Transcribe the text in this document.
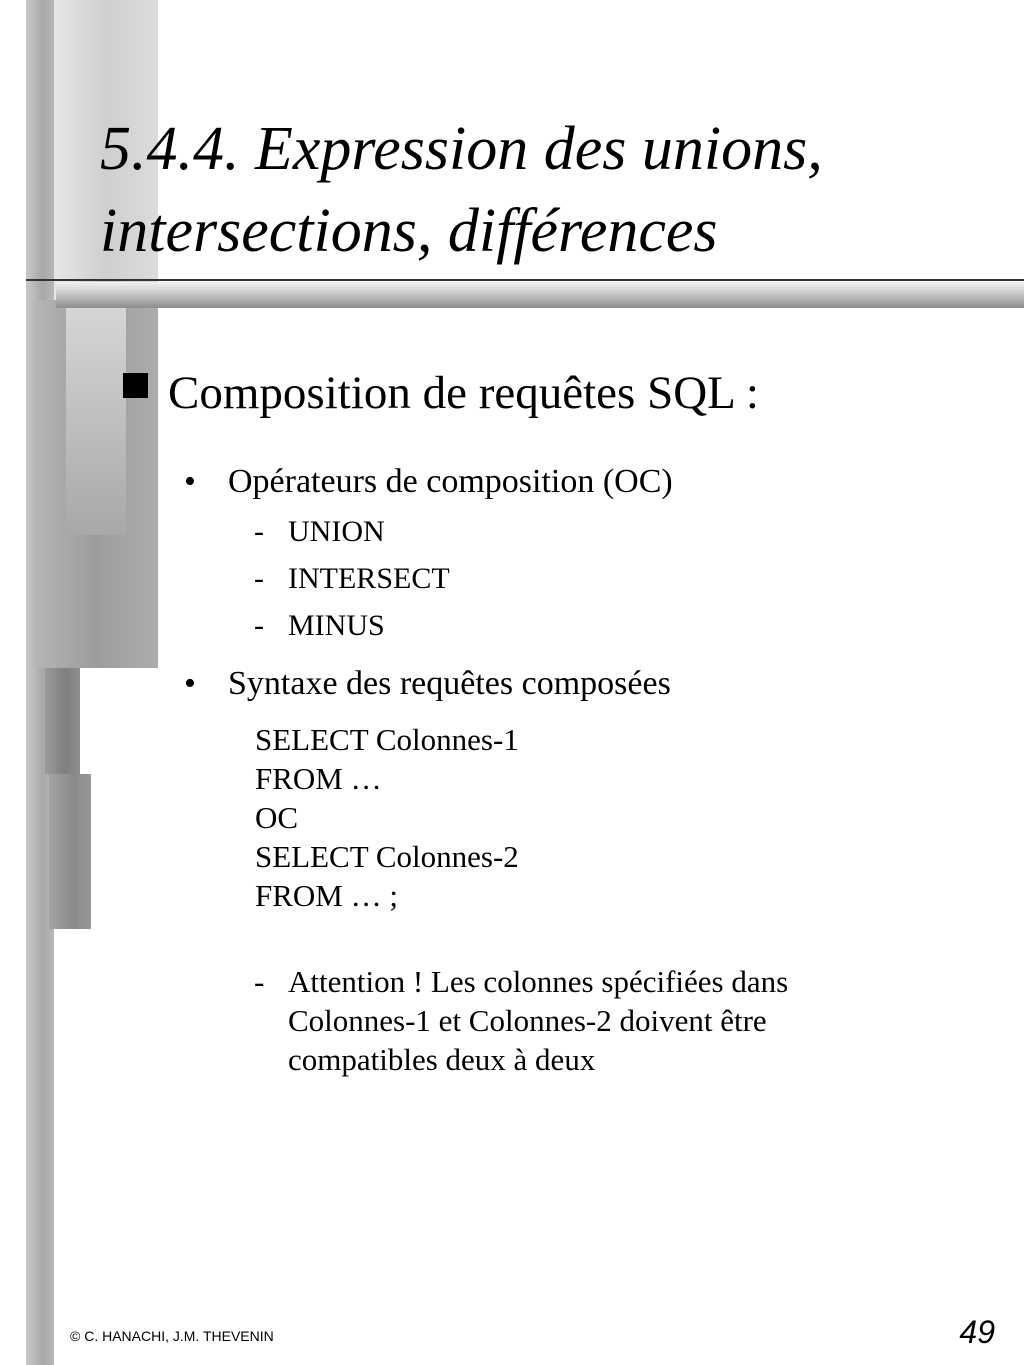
5.4.4. Expression des unions,
intersections, différences
Composition de requêtes SQL :
• Opérateurs de composition (OC)
- UNION
- INTERSECT
- MINUS
• Syntaxe des requêtes composées
SELECT Colonnes-1
FROM …
OC
SELECT Colonnes-2
FROM … ;
- Attention ! Les colonnes spécifiées dans
Colonnes-1 et Colonnes-2 doivent être
compatibles deux à deux
© C. HANACHI, J.M. THEVENIN	49
